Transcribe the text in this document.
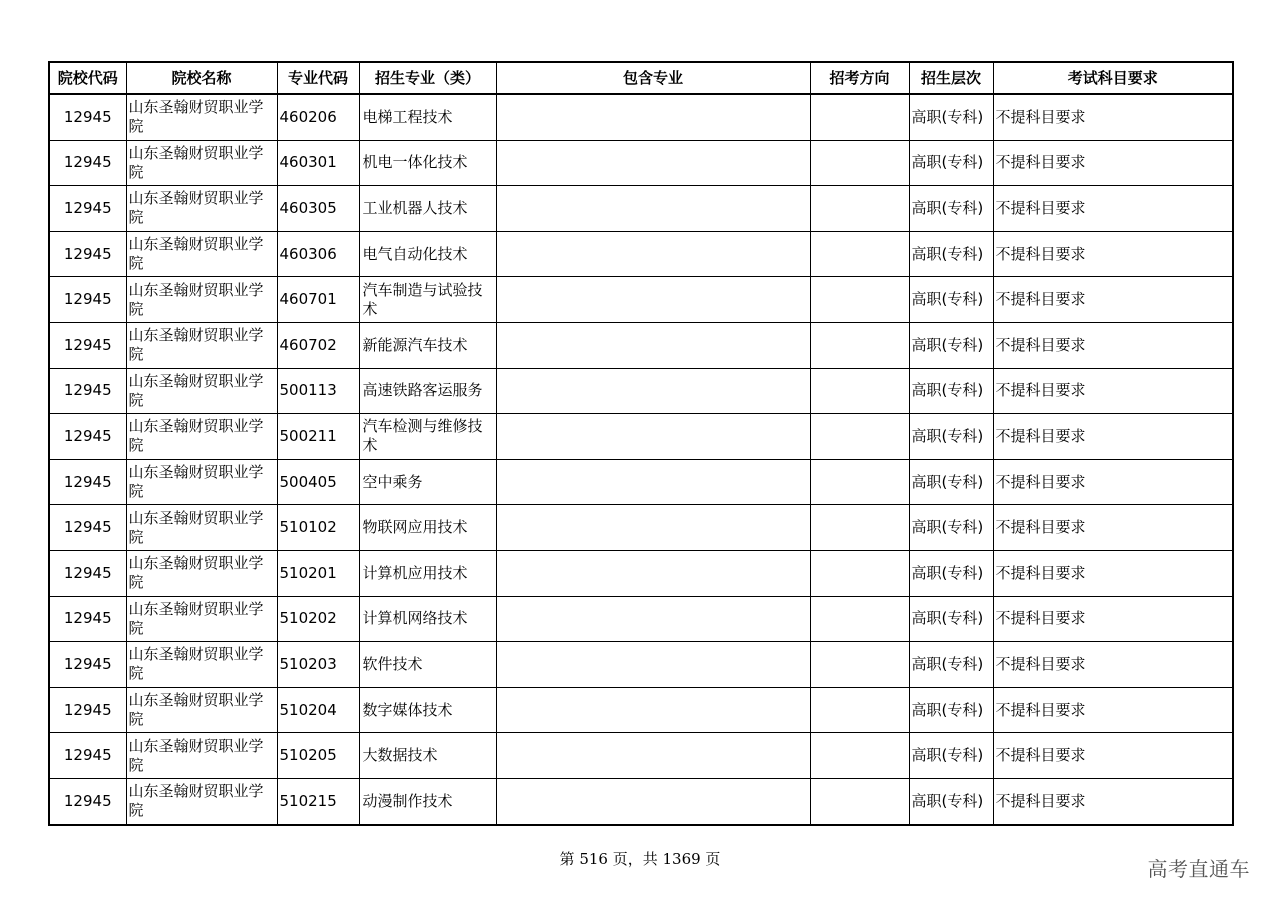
院校代码	院校名称	专业代码	招生专业（类）	包含专业	招考方向	招生层次	考试科目要求
12945	山东圣翰财贸职业学院	460206	电梯工程技术			高职(专科)	不提科目要求
12945	山东圣翰财贸职业学院	460301	机电一体化技术			高职(专科)	不提科目要求
12945	山东圣翰财贸职业学院	460305	工业机器人技术			高职(专科)	不提科目要求
12945	山东圣翰财贸职业学院	460306	电气自动化技术			高职(专科)	不提科目要求
12945	山东圣翰财贸职业学院	460701	汽车制造与试验技术			高职(专科)	不提科目要求
12945	山东圣翰财贸职业学院	460702	新能源汽车技术			高职(专科)	不提科目要求
12945	山东圣翰财贸职业学院	500113	高速铁路客运服务			高职(专科)	不提科目要求
12945	山东圣翰财贸职业学院	500211	汽车检测与维修技术			高职(专科)	不提科目要求
12945	山东圣翰财贸职业学院	500405	空中乘务			高职(专科)	不提科目要求
12945	山东圣翰财贸职业学院	510102	物联网应用技术			高职(专科)	不提科目要求
12945	山东圣翰财贸职业学院	510201	计算机应用技术			高职(专科)	不提科目要求
12945	山东圣翰财贸职业学院	510202	计算机网络技术			高职(专科)	不提科目要求
12945	山东圣翰财贸职业学院	510203	软件技术			高职(专科)	不提科目要求
12945	山东圣翰财贸职业学院	510204	数字媒体技术			高职(专科)	不提科目要求
12945	山东圣翰财贸职业学院	510205	大数据技术			高职(专科)	不提科目要求
12945	山东圣翰财贸职业学院	510215	动漫制作技术			高职(专科)	不提科目要求
第 516 页，共 1369 页	高考直通车
